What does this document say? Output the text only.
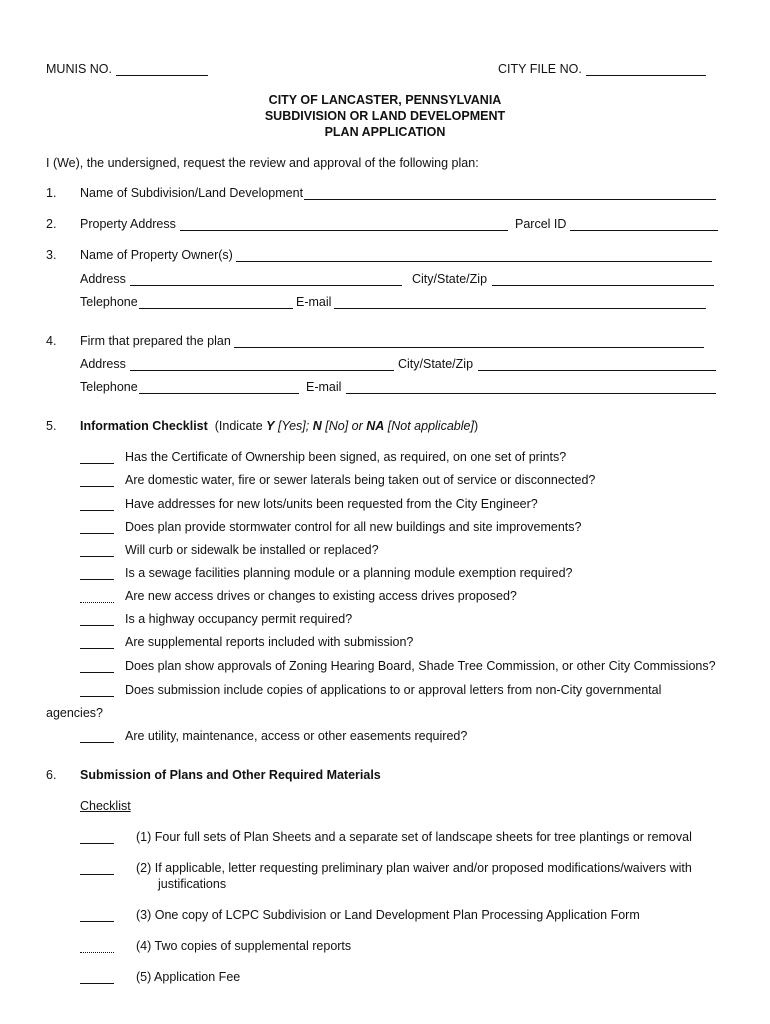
MUNIS NO.	CITY FILE NO.
CITY OF LANCASTER, PENNSYLVANIA
SUBDIVISION OR LAND DEVELOPMENT
PLAN APPLICATION
I (We), the undersigned, request the review and approval of the following plan:
1. Name of Subdivision/Land Development
2. Property Address	Parcel ID
3. Name of Property Owner(s)
Address	City/State/Zip
Telephone	E-mail
4. Firm that prepared the plan
Address	City/State/Zip
Telephone	E-mail
5. Information Checklist (Indicate Y [Yes]; N [No] or NA [Not applicable])
Has the Certificate of Ownership been signed, as required, on one set of prints?
Are domestic water, fire or sewer laterals being taken out of service or disconnected?
Have addresses for new lots/units been requested from the City Engineer?
Does plan provide stormwater control for all new buildings and site improvements?
Will curb or sidewalk be installed or replaced?
Is a sewage facilities planning module or a planning module exemption required?
Are new access drives or changes to existing access drives proposed?
Is a highway occupancy permit required?
Are supplemental reports included with submission?
Does plan show approvals of Zoning Hearing Board, Shade Tree Commission, or other City Commissions?
Does submission include copies of applications to or approval letters from non-City governmental
agencies?
Are utility, maintenance, access or other easements required?
6. Submission of Plans and Other Required Materials
Checklist
(1) Four full sets of Plan Sheets and a separate set of landscape sheets for tree plantings or removal
(2) If applicable, letter requesting preliminary plan waiver and/or proposed modifications/waivers with
justifications
(3) One copy of LCPC Subdivision or Land Development Plan Processing Application Form
(4) Two copies of supplemental reports
(5) Application Fee
